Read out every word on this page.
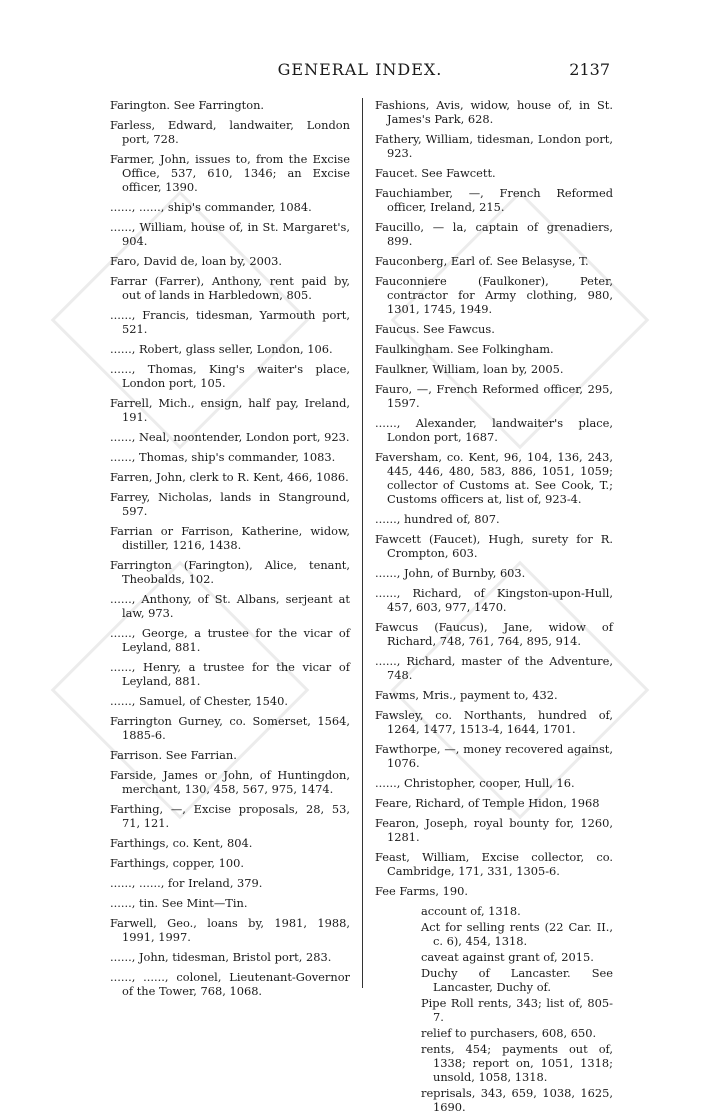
GENERAL INDEX.	2137

Farington. See Farrington.

Farless, Edward, landwaiter, London port, 728.

Farmer, John, issues to, from the Excise Office, 537, 610, 1346; an Excise officer, 1390.

......, ......, ship's commander, 1084.

......, William, house of, in St. Margaret's, 904.

Faro, David de, loan by, 2003.

Farrar (Farrer), Anthony, rent paid by, out of lands in Harbledown, 805.

......, Francis, tidesman, Yarmouth port, 521.

......, Robert, glass seller, London, 106.

......, Thomas, King's waiter's place, London port, 105.

Farrell, Mich., ensign, half pay, Ireland, 191.

......, Neal, noontender, London port, 923.

......, Thomas, ship's commander, 1083.

Farren, John, clerk to R. Kent, 466, 1086.

Farrey, Nicholas, lands in Stanground, 597.

Farrian or Farrison, Katherine, widow, distiller, 1216, 1438.

Farrington (Farington), Alice, tenant, Theobalds, 102.

......, Anthony, of St. Albans, serjeant at law, 973.

......, George, a trustee for the vicar of Leyland, 881.

......, Henry, a trustee for the vicar of Leyland, 881.

......, Samuel, of Chester, 1540.

Farrington Gurney, co. Somerset, 1564, 1885-6.

Farrison. See Farrian.

Farside, James or John, of Huntingdon, merchant, 130, 458, 567, 975, 1474.

Farthing, —, Excise proposals, 28, 53, 71, 121.

Farthings, co. Kent, 804.

Farthings, copper, 100.

......, ......, for Ireland, 379.

......, tin. See Mint—Tin.

Farwell, Geo., loans by, 1981, 1988, 1991, 1997.

......, John, tidesman, Bristol port, 283.

......, ......, colonel, Lieutenant-Governor of the Tower, 768, 1068.

Fashions, Avis, widow, house of, in St. James's Park, 628.

Fathery, William, tidesman, London port, 923.

Faucet. See Fawcett.

Fauchiamber, —, French Reformed officer, Ireland, 215.

Faucillo, — la, captain of grenadiers, 899.

Fauconberg, Earl of. See Belasyse, T.

Fauconniere (Faulkoner), Peter, contractor for Army clothing, 980, 1301, 1745, 1949.

Faucus. See Fawcus.

Faulkingham. See Folkingham.

Faulkner, William, loan by, 2005.

Fauro, —, French Reformed officer, 295, 1597.

......, Alexander, landwaiter's place, London port, 1687.

Faversham, co. Kent, 96, 104, 136, 243, 445, 446, 480, 583, 886, 1051, 1059; collector of Customs at. See Cook, T.; Customs officers at, list of, 923-4.

......, hundred of, 807.

Fawcett (Faucet), Hugh, surety for R. Crompton, 603.

......, John, of Burnby, 603.

......, Richard, of Kingston-upon-Hull, 457, 603, 977, 1470.

Fawcus (Faucus), Jane, widow of Richard, 748, 761, 764, 895, 914.

......, Richard, master of the Adventure, 748.

Fawms, Mris., payment to, 432.

Fawsley, co. Northants, hundred of, 1264, 1477, 1513-4, 1644, 1701.

Fawthorpe, —, money recovered against, 1076.

......, Christopher, cooper, Hull, 16.

Feare, Richard, of Temple Hidon, 1968

Fearon, Joseph, royal bounty for, 1260, 1281.

Feast, William, Excise collector, co. Cambridge, 171, 331, 1305-6.

Fee Farms, 190.

account of, 1318.

Act for selling rents (22 Car. II., c. 6), 454, 1318.

caveat against grant of, 2015.

Duchy of Lancaster. See Lancaster, Duchy of.

Pipe Roll rents, 343; list of, 805-7.

relief to purchasers, 608, 650.

rents, 454; payments out of, 1338; report on, 1051, 1318; unsold, 1058, 1318.

reprisals, 343, 659, 1038, 1625, 1690.
